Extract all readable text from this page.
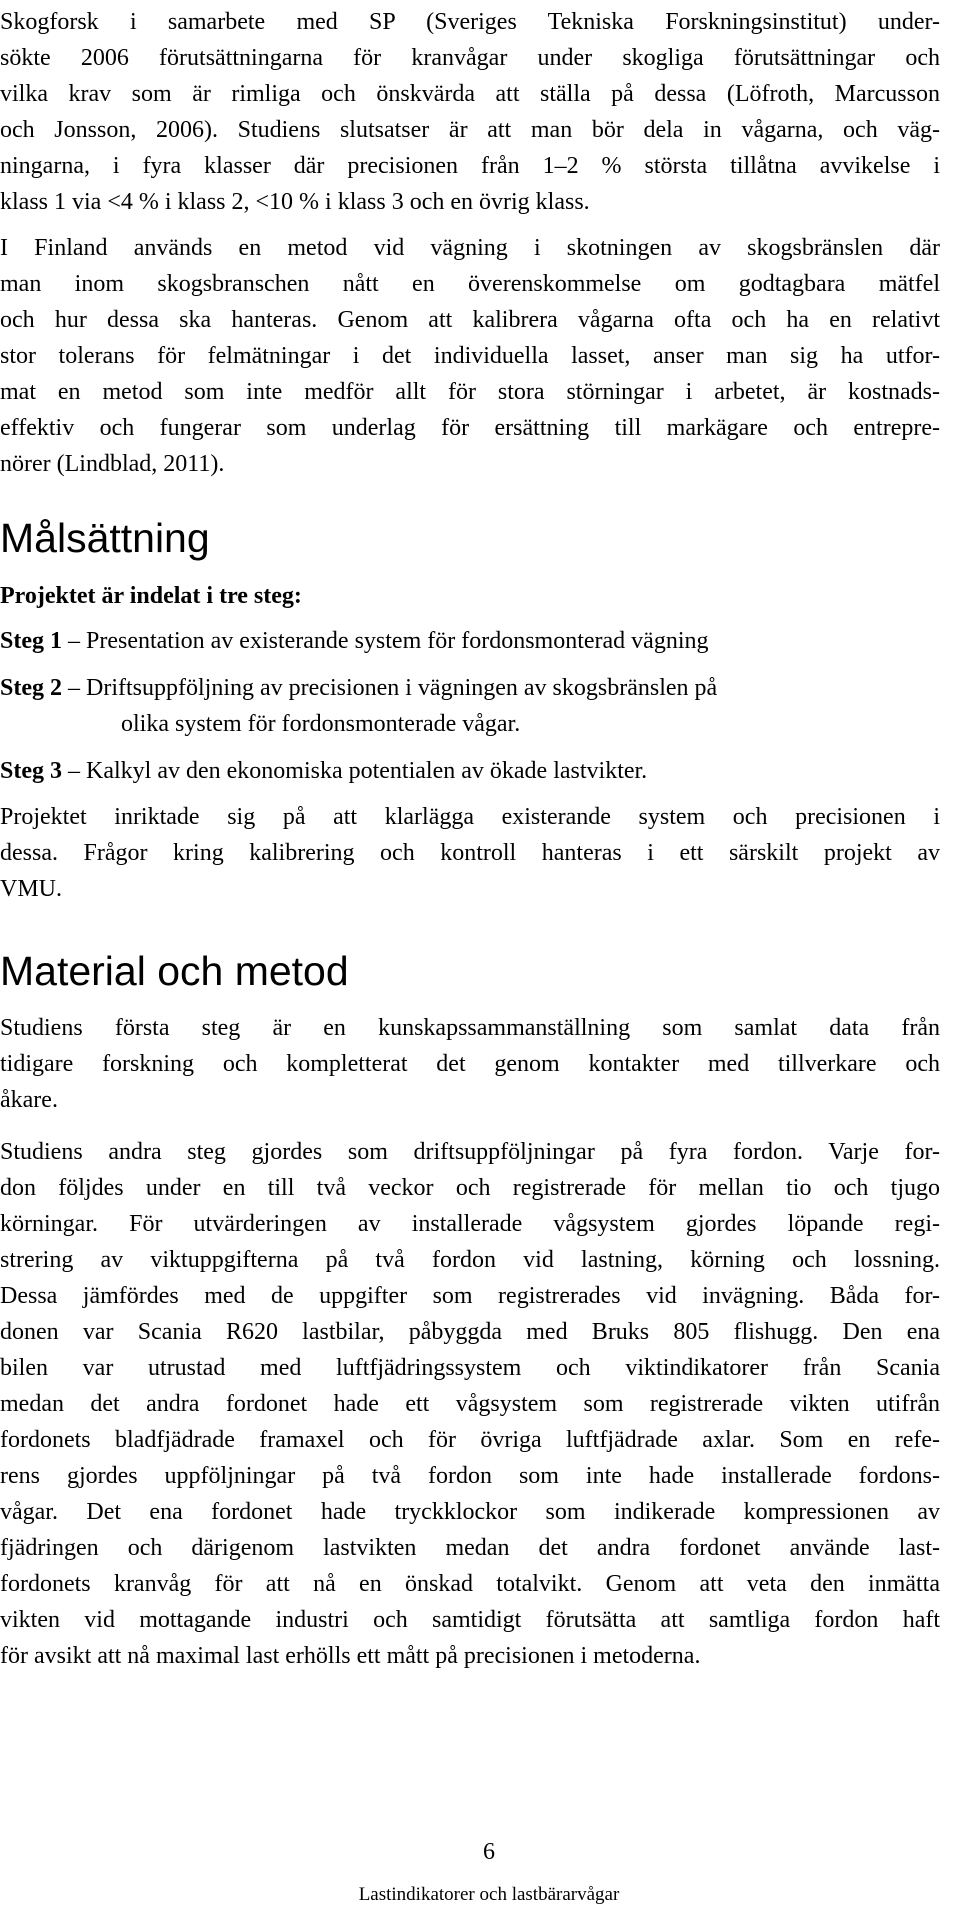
Skogforsk i samarbete med SP (Sveriges Tekniska Forskningsinstitut) under-
sökte 2006 förutsättningarna för kranvågar under skogliga förutsättningar och
vilka krav som är rimliga och önskvärda att ställa på dessa (Löfroth, Marcusson
och Jonsson, 2006). Studiens slutsatser är att man bör dela in vågarna, och väg-
ningarna, i fyra klasser där precisionen från 1–2 % största tillåtna avvikelse i
klass 1 via <4 % i klass 2, <10 % i klass 3 och en övrig klass.
I Finland används en metod vid vägning i skotningen av skogsbränslen där
man inom skogsbranschen nått en överenskommelse om godtagbara mätfel
och hur dessa ska hanteras. Genom att kalibrera vågarna ofta och ha en relativt
stor tolerans för felmätningar i det individuella lasset, anser man sig ha utfor-
mat en metod som inte medför allt för stora störningar i arbetet, är kostnads-
effektiv och fungerar som underlag för ersättning till markägare och entrepre-
nörer (Lindblad, 2011).
Målsättning

Projektet är indelat i tre steg:

Steg 1 – Presentation av existerande system för fordonsmonterad vägning

Steg 2 – Driftsuppföljning av precisionen i vägningen av skogsbränslen på
olika system för fordonsmonterade vågar.

Steg 3 – Kalkyl av den ekonomiska potentialen av ökade lastvikter.

Projektet inriktade sig på att klarlägga existerande system och precisionen i
dessa. Frågor kring kalibrering och kontroll hanteras i ett särskilt projekt av
VMU.
Material och metod
Studiens första steg är en kunskapssammanställning som samlat data från
tidigare forskning och kompletterat det genom kontakter med tillverkare och
åkare.
Studiens andra steg gjordes som driftsuppföljningar på fyra fordon. Varje for-
don följdes under en till två veckor och registrerade för mellan tio och tjugo
körningar. För utvärderingen av installerade vågsystem gjordes löpande regi-
strering av viktuppgifterna på två fordon vid lastning, körning och lossning.
Dessa jämfördes med de uppgifter som registrerades vid invägning. Båda for-
donen var Scania R620 lastbilar, påbyggda med Bruks 805 flishugg. Den ena
bilen var utrustad med luftfjädringssystem och viktindikatorer från Scania
medan det andra fordonet hade ett vågsystem som registrerade vikten utifrån
fordonets bladfjädrade framaxel och för övriga luftfjädrade axlar. Som en refe-
rens gjordes uppföljningar på två fordon som inte hade installerade fordons-
vågar. Det ena fordonet hade tryckklockor som indikerade kompressionen av
fjädringen och därigenom lastvikten medan det andra fordonet använde last-
fordonets kranvåg för att nå en önskad totalvikt. Genom att veta den inmätta
vikten vid mottagande industri och samtidigt förutsätta att samtliga fordon haft
för avsikt att nå maximal last erhölls ett mått på precisionen i metoderna.
6
Lastindikatorer och lastbärarvågar
